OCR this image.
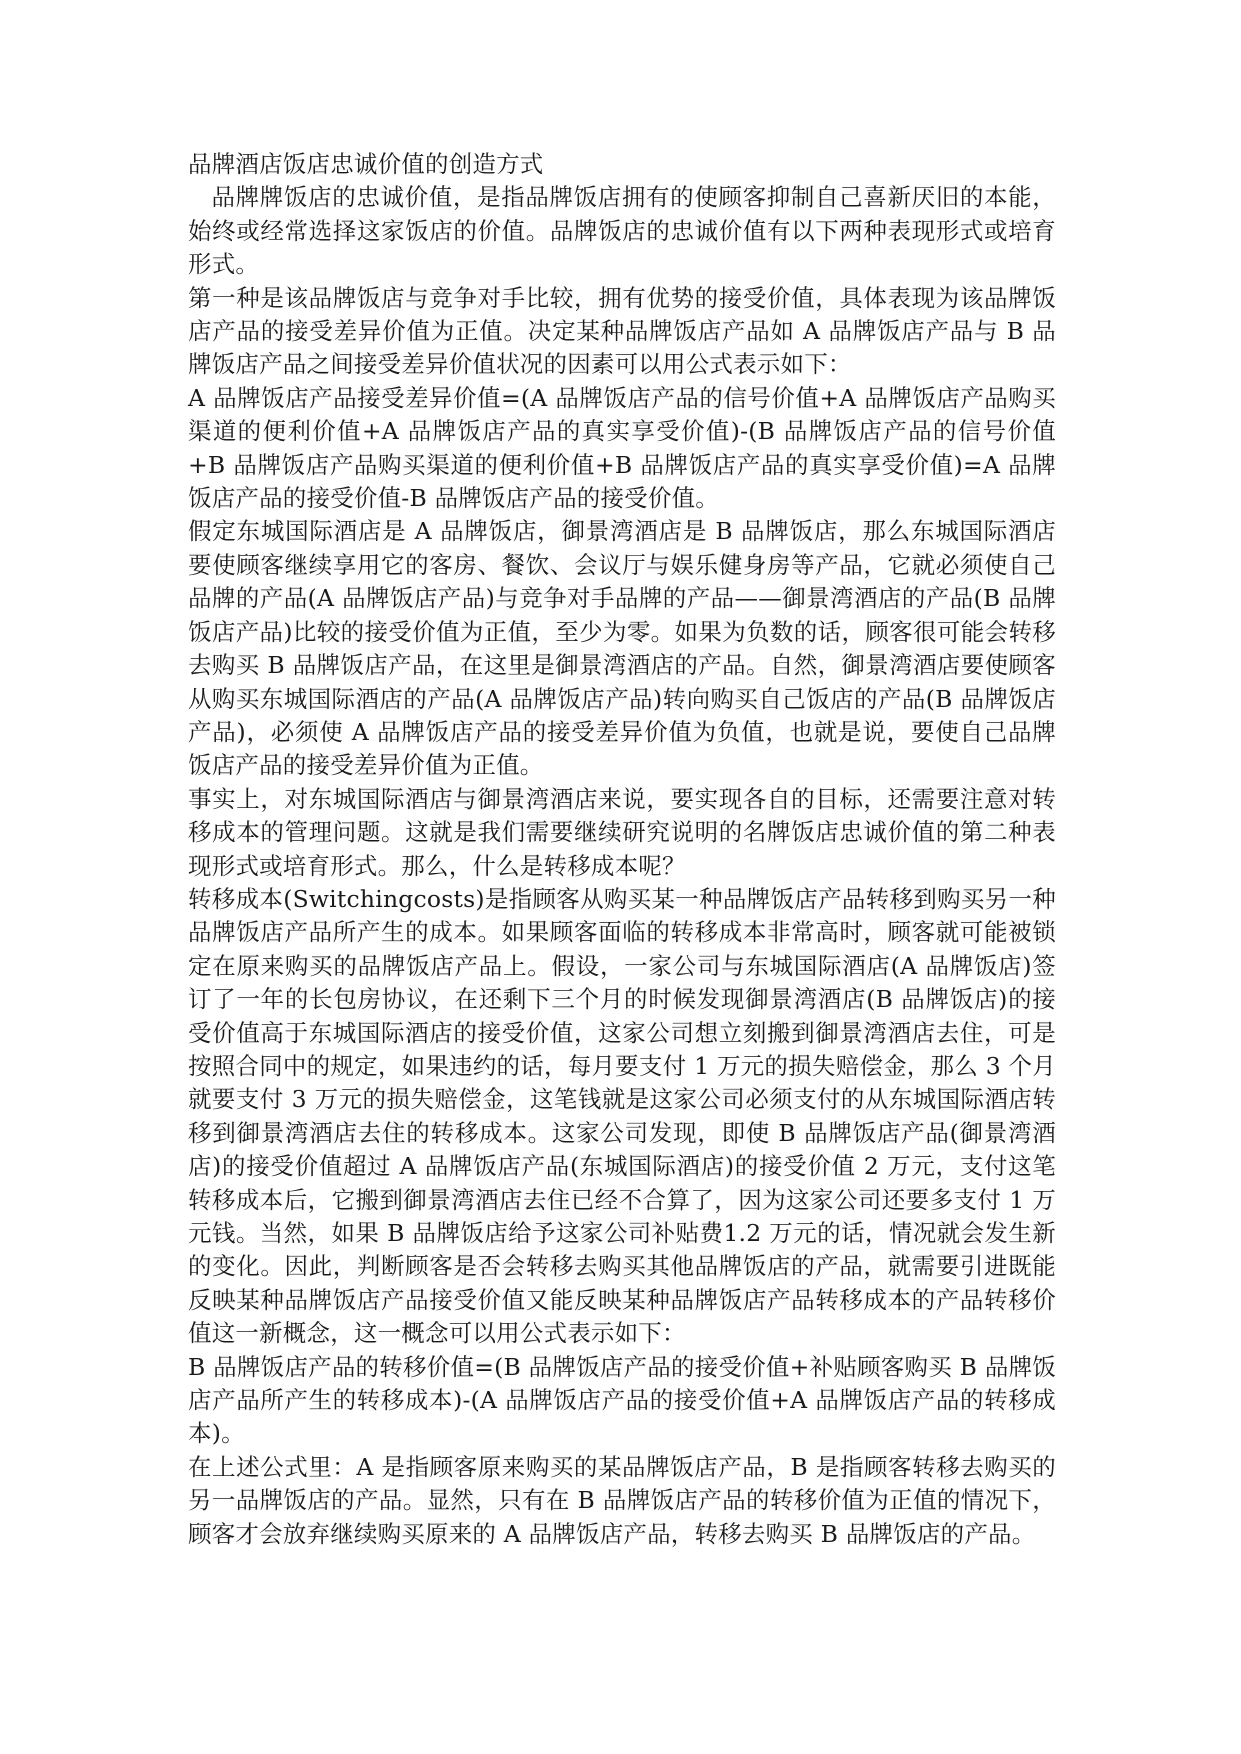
品牌酒店饭店忠诚价值的创造方式

品牌牌饭店的忠诚价值，是指品牌饭店拥有的使顾客抑制自己喜新厌旧的本能，始终或经常选择这家饭店的价值。品牌饭店的忠诚价值有以下两种表现形式或培育形式。

第一种是该品牌饭店与竞争对手比较，拥有优势的接受价值，具体表现为该品牌饭店产品的接受差异价值为正值。决定某种品牌饭店产品如 A 品牌饭店产品与 B 品牌饭店产品之间接受差异价值状况的因素可以用公式表示如下：

A 品牌饭店产品接受差异价值=(A 品牌饭店产品的信号价值+A 品牌饭店产品购买渠道的便利价值+A 品牌饭店产品的真实享受价值)-(B 品牌饭店产品的信号价值+B 品牌饭店产品购买渠道的便利价值+B 品牌饭店产品的真实享受价值)=A 品牌饭店产品的接受价值-B 品牌饭店产品的接受价值。

假定东城国际酒店是 A 品牌饭店，御景湾酒店是 B 品牌饭店，那么东城国际酒店要使顾客继续享用它的客房、餐饮、会议厅与娱乐健身房等产品，它就必须使自己品牌的产品(A 品牌饭店产品)与竞争对手品牌的产品——御景湾酒店的产品(B 品牌饭店产品)比较的接受价值为正值，至少为零。如果为负数的话，顾客很可能会转移去购买 B 品牌饭店产品，在这里是御景湾酒店的产品。自然，御景湾酒店要使顾客从购买东城国际酒店的产品(A 品牌饭店产品)转向购买自己饭店的产品(B 品牌饭店产品)，必须使 A 品牌饭店产品的接受差异价值为负值，也就是说，要使自己品牌饭店产品的接受差异价值为正值。

事实上，对东城国际酒店与御景湾酒店来说，要实现各自的目标，还需要注意对转移成本的管理问题。这就是我们需要继续研究说明的名牌饭店忠诚价值的第二种表现形式或培育形式。那么，什么是转移成本呢？

转移成本(Switchingcosts)是指顾客从购买某一种品牌饭店产品转移到购买另一种品牌饭店产品所产生的成本。如果顾客面临的转移成本非常高时，顾客就可能被锁定在原来购买的品牌饭店产品上。假设，一家公司与东城国际酒店(A 品牌饭店)签订了一年的长包房协议，在还剩下三个月的时候发现御景湾酒店(B 品牌饭店)的接受价值高于东城国际酒店的接受价值，这家公司想立刻搬到御景湾酒店去住，可是按照合同中的规定，如果违约的话，每月要支付 1 万元的损失赔偿金，那么 3 个月就要支付 3 万元的损失赔偿金，这笔钱就是这家公司必须支付的从东城国际酒店转移到御景湾酒店去住的转移成本。这家公司发现，即使 B 品牌饭店产品(御景湾酒店)的接受价值超过 A 品牌饭店产品(东城国际酒店)的接受价值 2 万元，支付这笔转移成本后，它搬到御景湾酒店去住已经不合算了，因为这家公司还要多支付 1 万元钱。当然，如果 B 品牌饭店给予这家公司补贴费1.2 万元的话，情况就会发生新的变化。因此，判断顾客是否会转移去购买其他品牌饭店的产品，就需要引进既能反映某种品牌饭店产品接受价值又能反映某种品牌饭店产品转移成本的产品转移价值这一新概念，这一概念可以用公式表示如下：

B 品牌饭店产品的转移价值=(B 品牌饭店产品的接受价值+补贴顾客购买 B 品牌饭店产品所产生的转移成本)-(A 品牌饭店产品的接受价值+A 品牌饭店产品的转移成本)。

在上述公式里：A 是指顾客原来购买的某品牌饭店产品，B 是指顾客转移去购买的另一品牌饭店的产品。显然，只有在 B 品牌饭店产品的转移价值为正值的情况下，顾客才会放弃继续购买原来的 A 品牌饭店产品，转移去购买 B 品牌饭店的产品。
